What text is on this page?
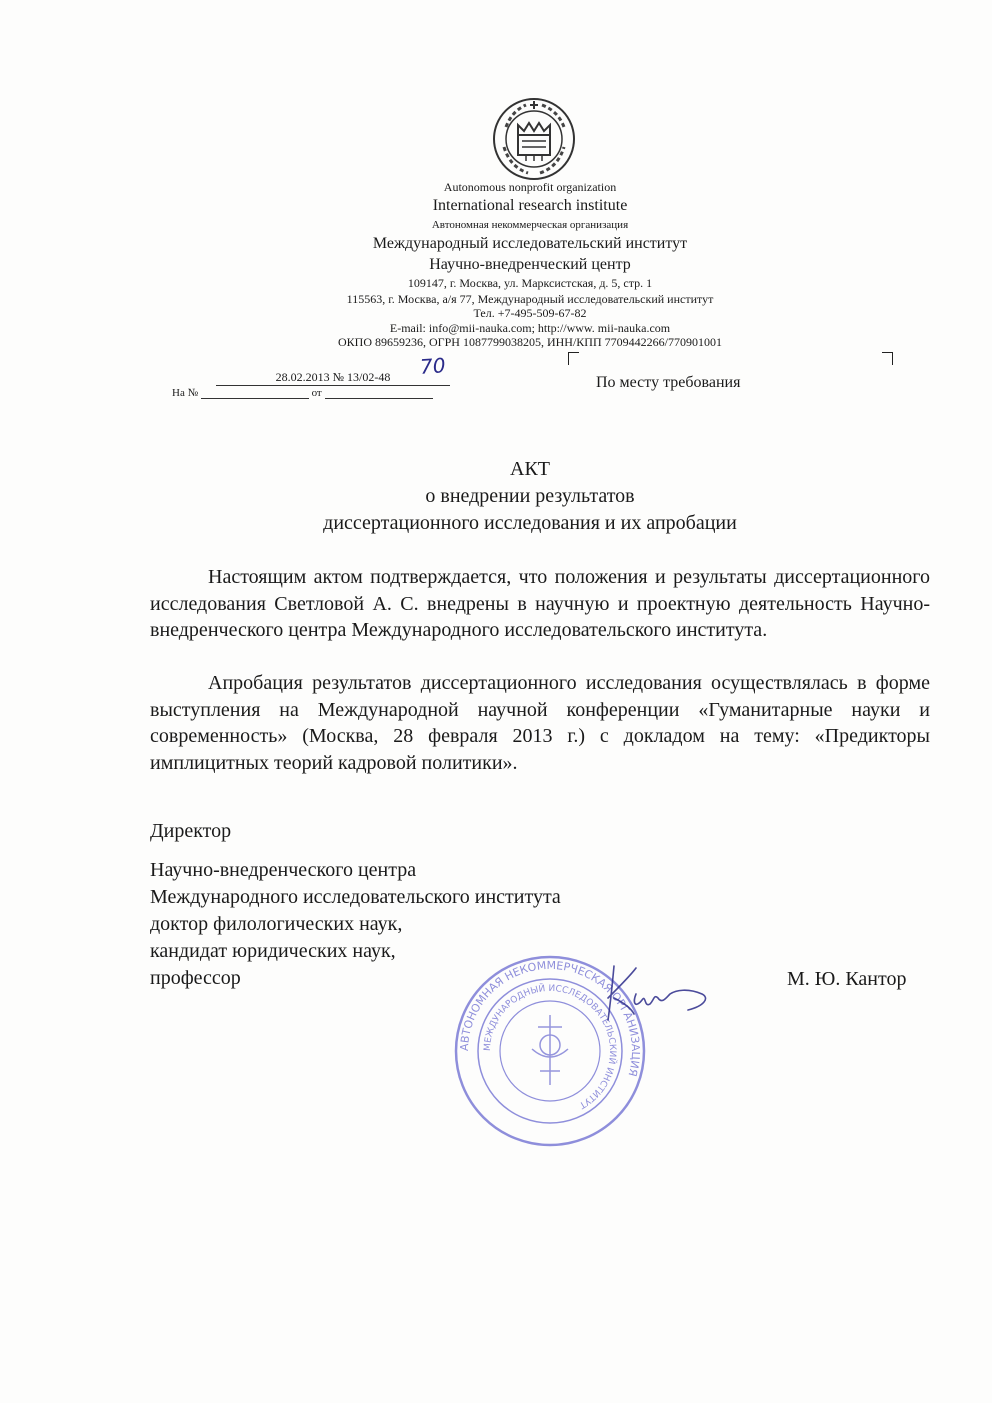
Autonomous nonprofit organization
International research institute
Автономная некоммерческая организация
Международный исследовательский институт
Научно-внедренческий центр
109147, г. Москва, ул. Марксистская, д. 5, стр. 1
115563, г. Москва, а/я 77, Международный исследовательский институт
Тел. +7-495-509-67-82
E-mail: info@mii-nauka.com; http://www. mii-nauka.com
ОКПО 89659236, ОГРН 1087799038205, ИНН/КПП 7709442266/770901001
28.02.2013 № 13/02-48	70
На №	от
По месту требования
АКТ
о внедрении результатов
диссертационного исследования и их апробации

Настоящим актом подтверждается, что положения и результаты диссертационного исследования Светловой А. С. внедрены в научную и проектную деятельность Научно-внедренческого центра Международного исследовательского института.

Апробация результатов диссертационного исследования осуществлялась в форме выступления на Международной научной конференции «Гуманитарные науки и современность» (Москва, 28 февраля 2013 г.) с докладом на тему: «Предикторы имплицитных теорий кадровой политики».

Директор
Научно-внедренческого центра
Международного исследовательского института
доктор филологических наук,
кандидат юридических наук,
профессор	М. Ю. Кантор
АВТОНОМНАЯ НЕКОММЕРЧЕСКАЯ ОРГАНИЗАЦИЯ
МЕЖДУНАРОДНЫЙ ИССЛЕДОВАТЕЛЬСКИЙ ИНСТИТУТ
